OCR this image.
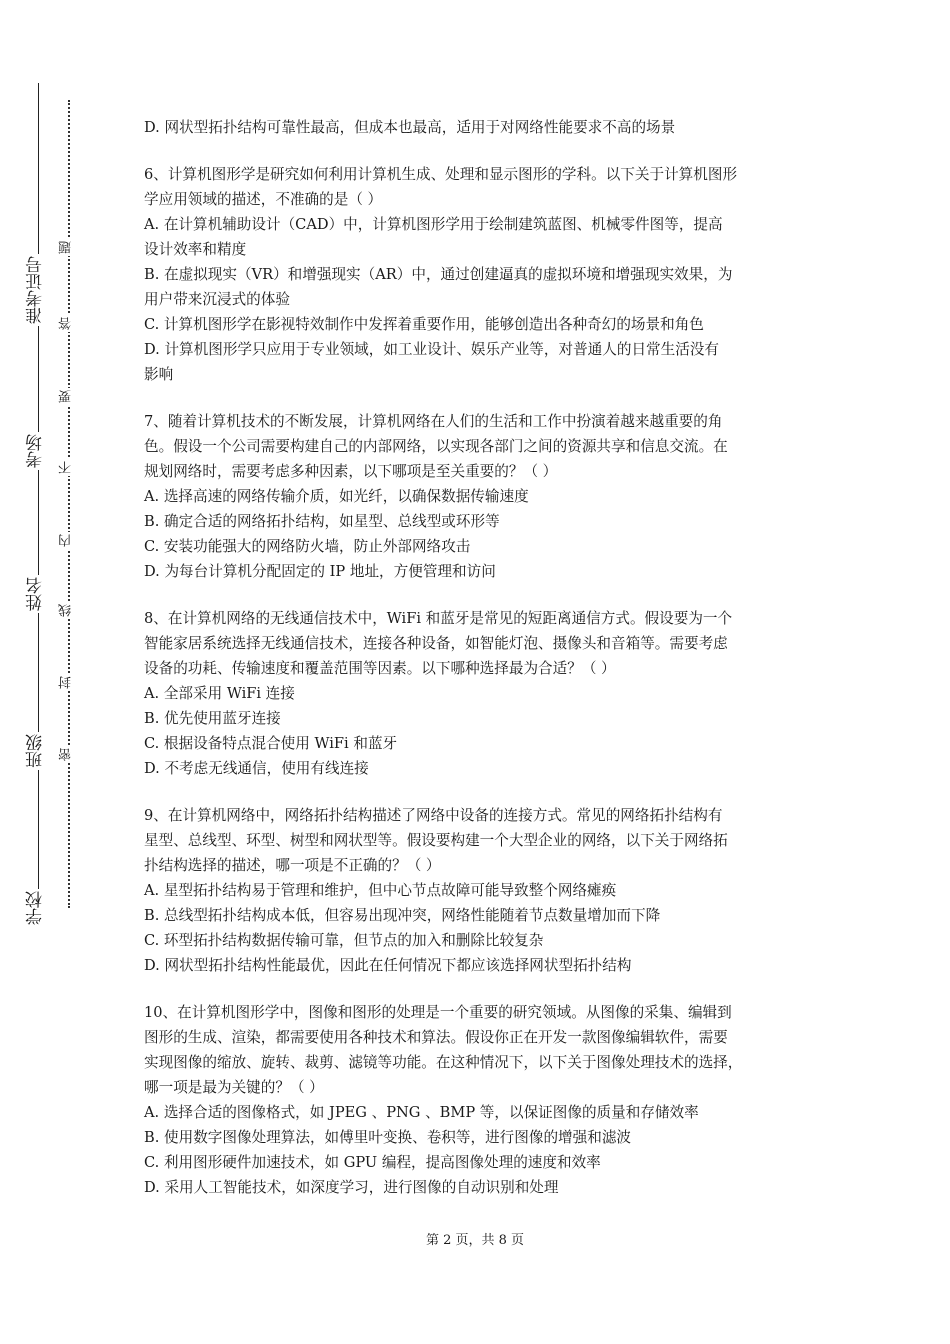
准考证号
考场
姓名
班级
学校
题
答
要
不
内
线
封
密

D. 网状型拓扑结构可靠性最高，但成本也最高，适用于对网络性能要求不高的场景

6、计算机图形学是研究如何利用计算机生成、处理和显示图形的学科。以下关于计算机图形

学应用领域的描述，不准确的是（ ）

A. 在计算机辅助设计（CAD）中，计算机图形学用于绘制建筑蓝图、机械零件图等，提高

设计效率和精度

B. 在虚拟现实（VR）和增强现实（AR）中，通过创建逼真的虚拟环境和增强现实效果，为

用户带来沉浸式的体验

C. 计算机图形学在影视特效制作中发挥着重要作用，能够创造出各种奇幻的场景和角色

D. 计算机图形学只应用于专业领域，如工业设计、娱乐产业等，对普通人的日常生活没有

影响

7、随着计算机技术的不断发展，计算机网络在人们的生活和工作中扮演着越来越重要的角

色。假设一个公司需要构建自己的内部网络，以实现各部门之间的资源共享和信息交流。在

规划网络时，需要考虑多种因素，以下哪项是至关重要的？（ ）

A. 选择高速的网络传输介质，如光纤，以确保数据传输速度

B. 确定合适的网络拓扑结构，如星型、总线型或环形等

C. 安装功能强大的网络防火墙，防止外部网络攻击

D. 为每台计算机分配固定的 IP 地址，方便管理和访问

8、在计算机网络的无线通信技术中，WiFi 和蓝牙是常见的短距离通信方式。假设要为一个

智能家居系统选择无线通信技术，连接各种设备，如智能灯泡、摄像头和音箱等。需要考虑

设备的功耗、传输速度和覆盖范围等因素。以下哪种选择最为合适？（ ）

A. 全部采用 WiFi 连接

B. 优先使用蓝牙连接

C. 根据设备特点混合使用 WiFi 和蓝牙

D. 不考虑无线通信，使用有线连接

9、在计算机网络中，网络拓扑结构描述了网络中设备的连接方式。常见的网络拓扑结构有

星型、总线型、环型、树型和网状型等。假设要构建一个大型企业的网络，以下关于网络拓

扑结构选择的描述，哪一项是不正确的？（ ）

A. 星型拓扑结构易于管理和维护，但中心节点故障可能导致整个网络瘫痪

B. 总线型拓扑结构成本低，但容易出现冲突，网络性能随着节点数量增加而下降

C. 环型拓扑结构数据传输可靠，但节点的加入和删除比较复杂

D. 网状型拓扑结构性能最优，因此在任何情况下都应该选择网状型拓扑结构

10、在计算机图形学中，图像和图形的处理是一个重要的研究领域。从图像的采集、编辑到

图形的生成、渲染，都需要使用各种技术和算法。假设你正在开发一款图像编辑软件，需要

实现图像的缩放、旋转、裁剪、滤镜等功能。在这种情况下，以下关于图像处理技术的选择，

哪一项是最为关键的？（ ）

A. 选择合适的图像格式，如 JPEG 、PNG 、BMP 等，以保证图像的质量和存储效率

B. 使用数字图像处理算法，如傅里叶变换、卷积等，进行图像的增强和滤波

C. 利用图形硬件加速技术，如 GPU 编程，提高图像处理的速度和效率

D. 采用人工智能技术，如深度学习，进行图像的自动识别和处理

第 2 页，共 8 页
